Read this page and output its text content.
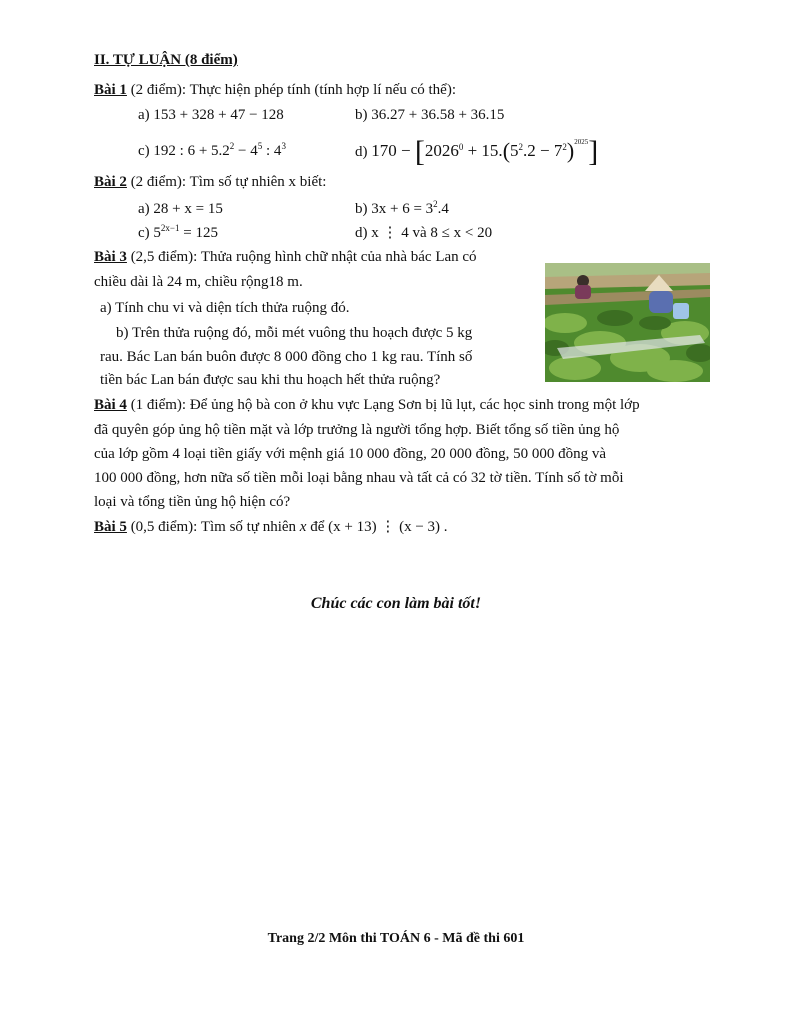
II. TỰ LUẬN (8 điểm)
Bài 1 (2 điểm): Thực hiện phép tính (tính hợp lí nếu có thể):
a) 153 + 328 + 47 − 128	b) 36.27 + 36.58 + 36.15
c) 192 : $6 + 5.2^2 - 4^5$ : $4^3$	d) $170 - [2026^0 + 15.(5^2.2 - 7^2)^{2025}]$
Bài 2 (2 điểm): Tìm số tự nhiên x biết:
a) 28 + x = 15	b) $3x + 6 = 3^2.4$
c) $5^{2x-1} = 125$	d) x ⋮ 4 và 8 ≤ x < 20
Bài 3 (2,5 điểm): Thửa ruộng hình chữ nhật của nhà bác Lan có
chiều dài là 24 m, chiều rộng18 m.
a) Tính chu vi và diện tích thửa ruộng đó.
b) Trên thửa ruộng đó, mỗi mét vuông thu hoạch được 5 kg
rau. Bác Lan bán buôn được 8 000 đồng cho 1 kg rau. Tính số
tiền bác Lan bán được sau khi thu hoạch hết thửa ruộng?
Bài 4 (1 điểm): Để ủng hộ bà con ở khu vực Lạng Sơn bị lũ lụt, các học sinh trong một lớp
đã quyên góp ủng hộ tiền mặt và lớp trưởng là người tổng hợp. Biết tổng số tiền ủng hộ
của lớp gồm 4 loại tiền giấy với mệnh giá 10 000 đồng, 20 000 đồng, 50 000 đồng và
100 000 đồng, hơn nữa số tiền mỗi loại bằng nhau và tất cả có 32 tờ tiền. Tính số tờ mỗi
loại và tổng tiền ủng hộ hiện có?
Bài 5 (0,5 điểm): Tìm số tự nhiên x để (x + 13) ⋮ (x − 3) .
Chúc các con làm bài tốt!
Trang 2/2 Môn thi TOÁN 6 - Mã đề thi 601
